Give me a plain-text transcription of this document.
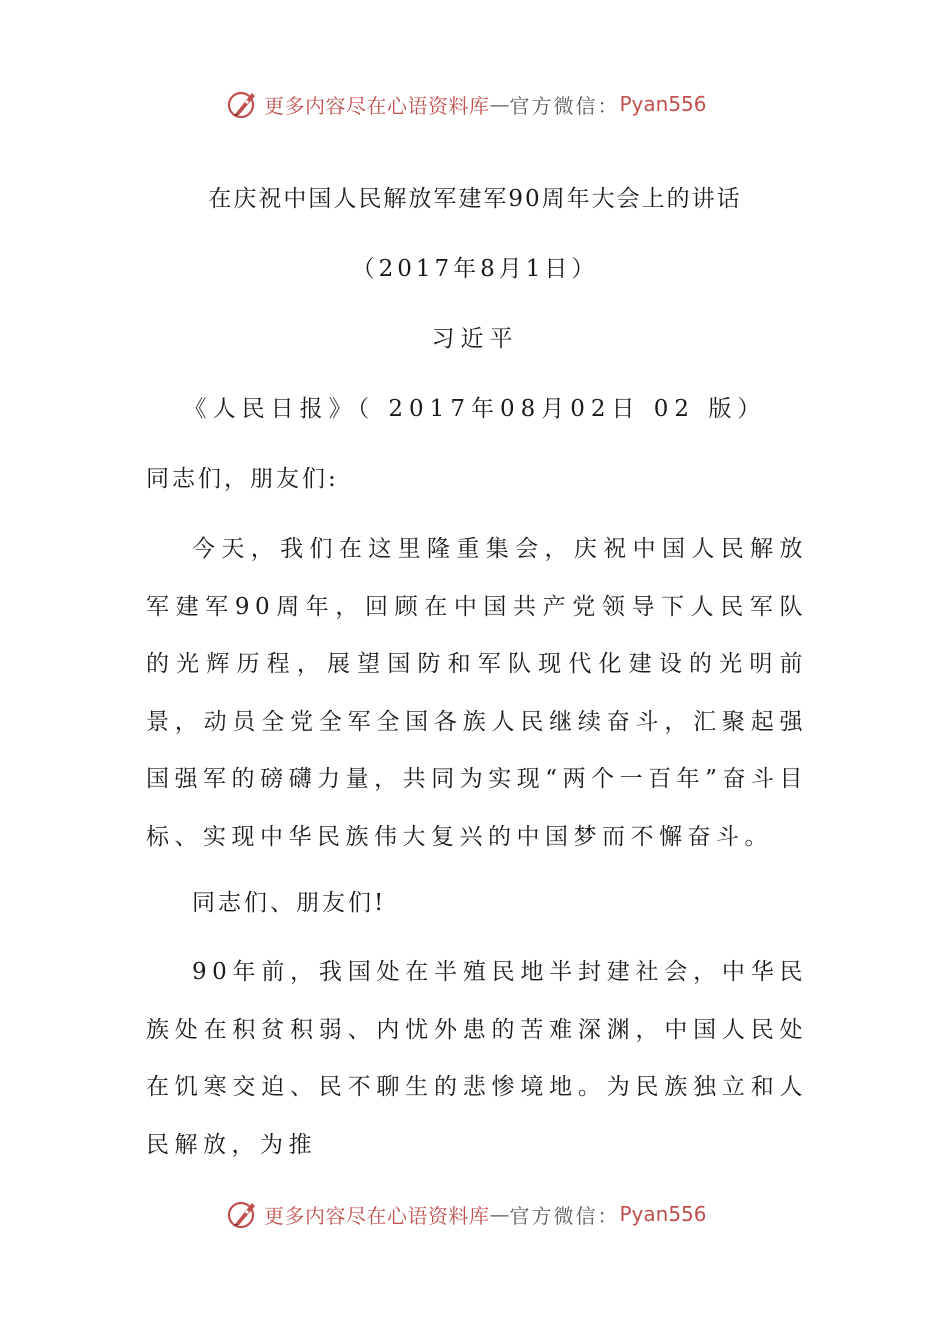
更多内容尽在心语资料库 — 官方微信： Pyan556
在庆祝中国人民解放军建军90周年大会上的讲话
（2017年8月1日）
习近平
《人民日报》（ 2017年08月02日 02 版）
同志们，朋友们:

今天，我们在这里隆重集会，庆祝中国人民解放军建军90周年，回顾在中国共产党领导下人民军队的光辉历程，展望国防和军队现代化建设的光明前景，动员全党全军全国各族人民继续奋斗，汇聚起强国强军的磅礴力量，共同为实现“两个一百年”奋斗目标、实现中华民族伟大复兴的中国梦而不懈奋斗。

同志们、朋友们!

90年前，我国处在半殖民地半封建社会，中华民族处在积贫积弱、内忧外患的苦难深渊，中国人民处在饥寒交迫、民不聊生的悲惨境地。为民族独立和人民解放，为推

更多内容尽在心语资料库 — 官方微信： Pyan556
